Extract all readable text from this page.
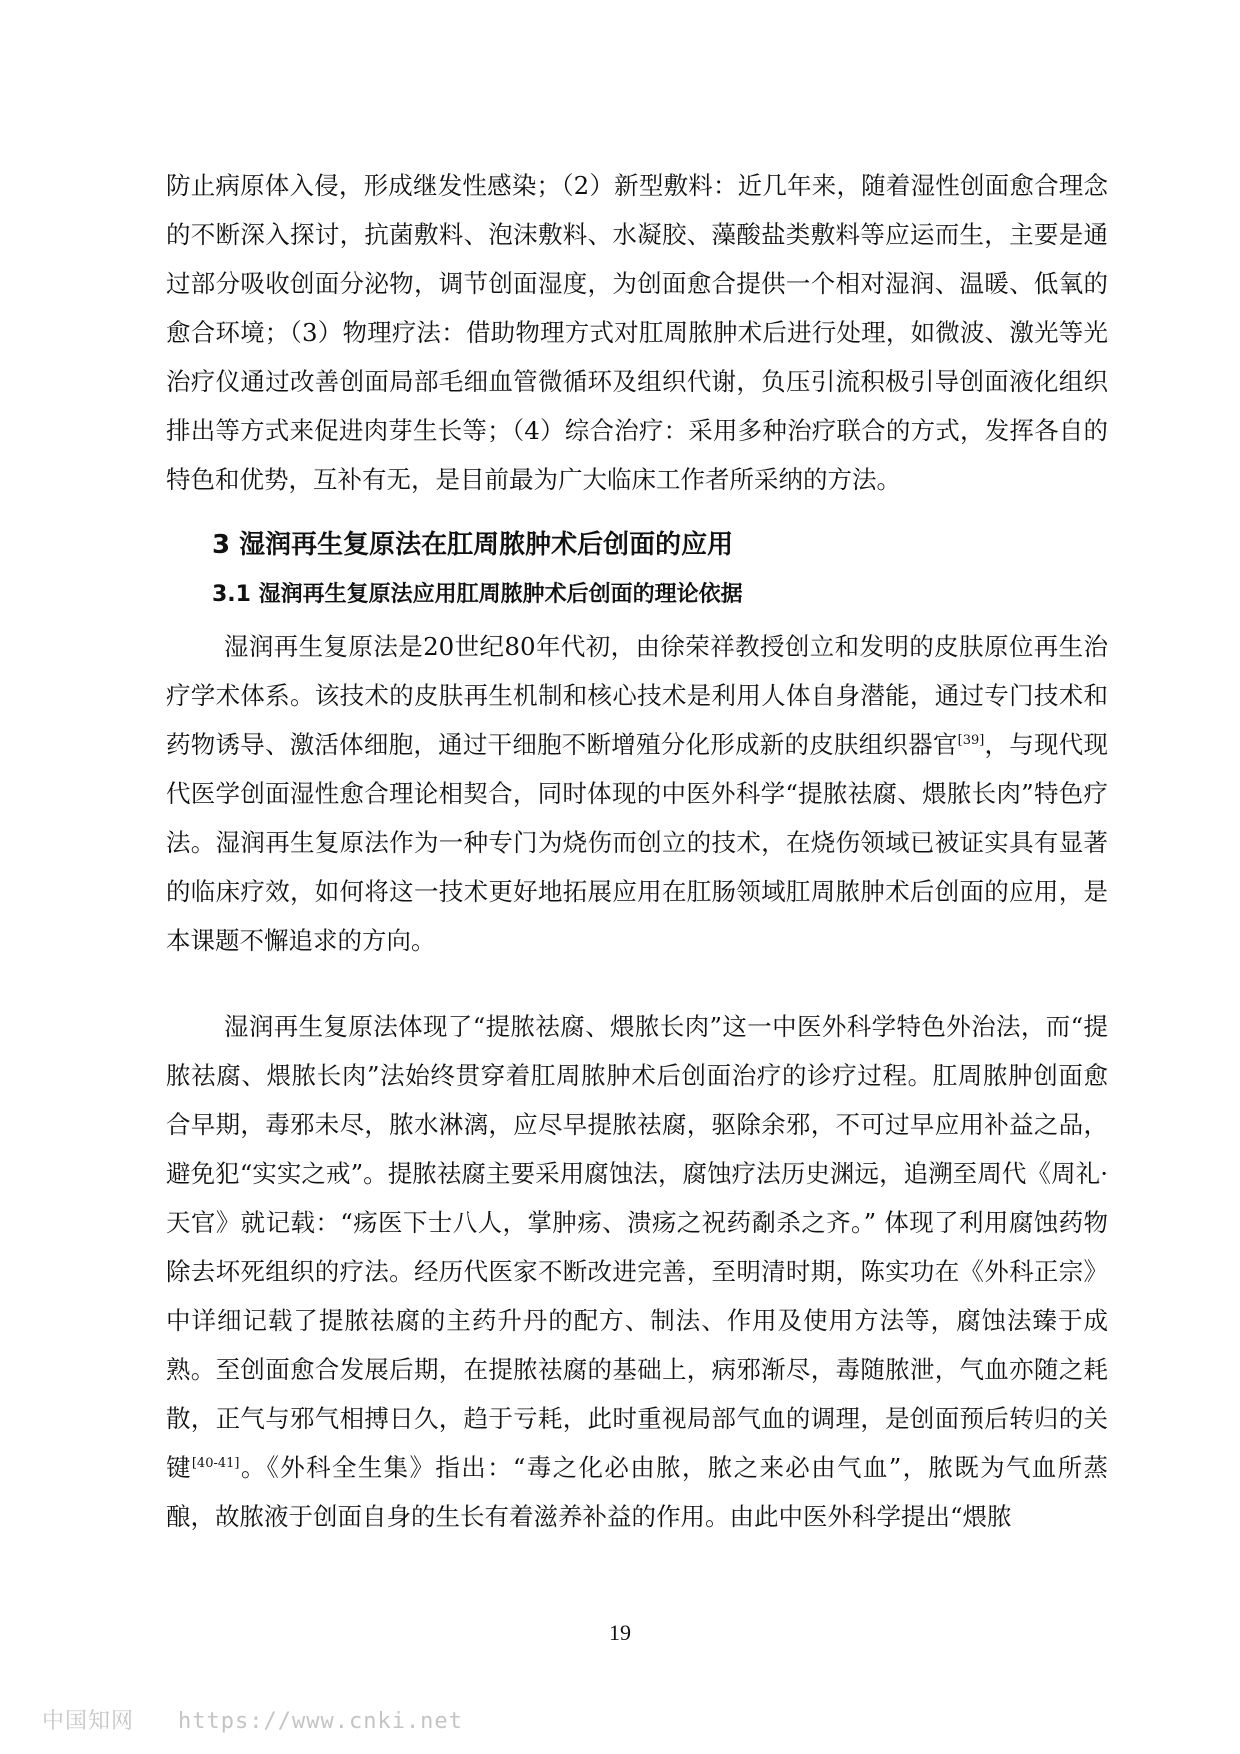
防止病原体入侵，形成继发性感染；（2）新型敷料：近几年来，随着湿性创面愈合理念的不断深入探讨，抗菌敷料、泡沫敷料、水凝胶、藻酸盐类敷料等应运而生，主要是通过部分吸收创面分泌物，调节创面湿度，为创面愈合提供一个相对湿润、温暖、低氧的愈合环境；（3）物理疗法：借助物理方式对肛周脓肿术后进行处理，如微波、激光等光治疗仪通过改善创面局部毛细血管微循环及组织代谢，负压引流积极引导创面液化组织排出等方式来促进肉芽生长等；（4）综合治疗：采用多种治疗联合的方式，发挥各自的特色和优势，互补有无，是目前最为广大临床工作者所采纳的方法。

3 湿润再生复原法在肛周脓肿术后创面的应用
3.1 湿润再生复原法应用肛周脓肿术后创面的理论依据

湿润再生复原法是20世纪80年代初，由徐荣祥教授创立和发明的皮肤原位再生治疗学术体系。该技术的皮肤再生机制和核心技术是利用人体自身潜能，通过专门技术和药物诱导、激活体细胞，通过干细胞不断增殖分化形成新的皮肤组织器官[39]，与现代现代医学创面湿性愈合理论相契合，同时体现的中医外科学“提脓祛腐、煨脓长肉”特色疗法。湿润再生复原法作为一种专门为烧伤而创立的技术，在烧伤领域已被证实具有显著的临床疗效，如何将这一技术更好地拓展应用在肛肠领域肛周脓肿术后创面的应用，是本课题不懈追求的方向。

湿润再生复原法体现了“提脓祛腐、煨脓长肉”这一中医外科学特色外治法，而“提脓祛腐、煨脓长肉”法始终贯穿着肛周脓肿术后创面治疗的诊疗过程。肛周脓肿创面愈合早期，毒邪未尽，脓水淋漓，应尽早提脓祛腐，驱除余邪，不可过早应用补益之品，避免犯“实实之戒”。提脓祛腐主要采用腐蚀法，腐蚀疗法历史渊远，追溯至周代《周礼·天官》就记载：“疡医下士八人，掌肿疡、溃疡之祝药劀杀之齐。” 体现了利用腐蚀药物除去坏死组织的疗法。经历代医家不断改进完善，至明清时期，陈实功在《外科正宗》中详细记载了提脓祛腐的主药升丹的配方、制法、作用及使用方法等，腐蚀法臻于成熟。至创面愈合发展后期，在提脓祛腐的基础上，病邪渐尽，毒随脓泄，气血亦随之耗散，正气与邪气相搏日久，趋于亏耗，此时重视局部气血的调理，是创面预后转归的关键[40-41]。《外科全生集》指出：“毒之化必由脓，脓之来必由气血”，脓既为气血所蒸酿，故脓液于创面自身的生长有着滋养补益的作用。由此中医外科学提出“煨脓

19
中国知网 https://www.cnki.net
